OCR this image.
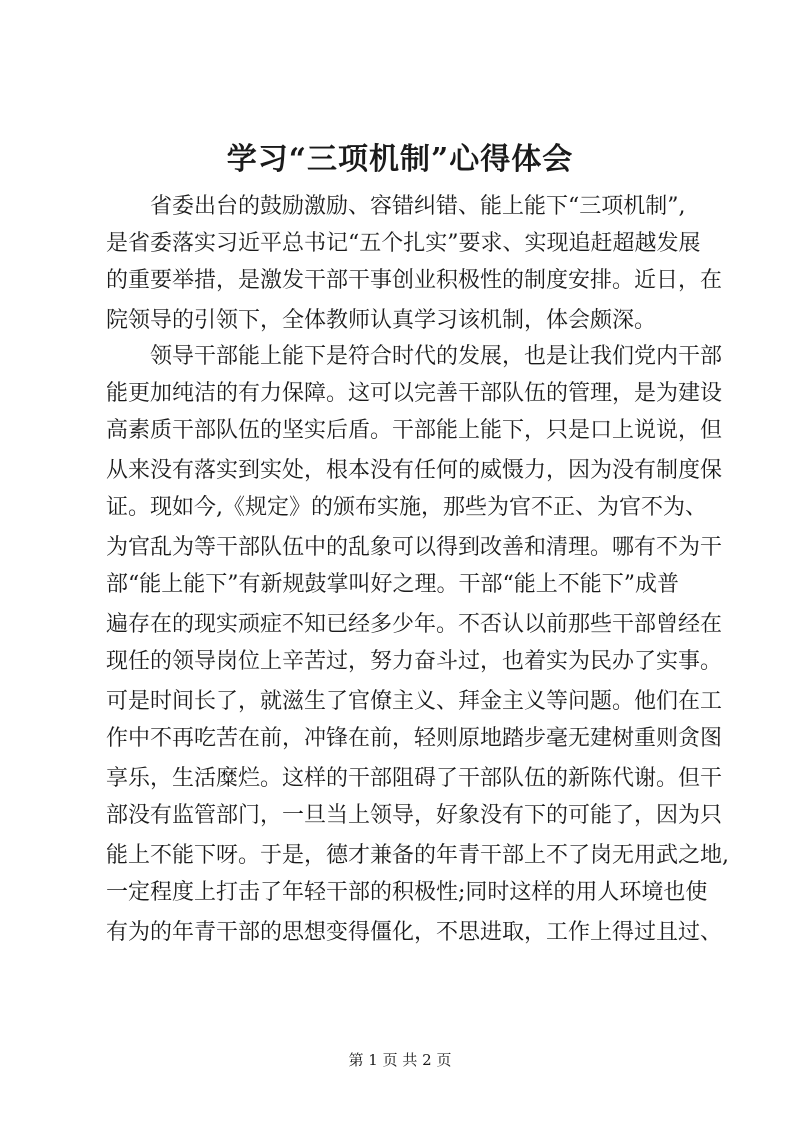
学习“三项机制”心得体会

省委出台的鼓励激励、容错纠错、能上能下“三项机制”,

是省委落实习近平总书记“五个扎实”要求、实现追赶超越发展

的重要举措，是激发干部干事创业积极性的制度安排。近日，在

院领导的引领下，全体教师认真学习该机制，体会颇深。

领导干部能上能下是符合时代的发展，也是让我们党内干部

能更加纯洁的有力保障。这可以完善干部队伍的管理，是为建设

高素质干部队伍的坚实后盾。干部能上能下，只是口上说说，但

从来没有落实到实处，根本没有任何的威慑力，因为没有制度保

证。现如今,《规定》的颁布实施，那些为官不正、为官不为、

为官乱为等干部队伍中的乱象可以得到改善和清理。哪有不为干

部“能上能下”有新规鼓掌叫好之理。干部“能上不能下”成普

遍存在的现实顽症不知已经多少年。不否认以前那些干部曾经在

现任的领导岗位上辛苦过，努力奋斗过，也着实为民办了实事。

可是时间长了，就滋生了官僚主义、拜金主义等问题。他们在工

作中不再吃苦在前，冲锋在前，轻则原地踏步毫无建树重则贪图

享乐，生活糜烂。这样的干部阻碍了干部队伍的新陈代谢。但干

部没有监管部门，一旦当上领导，好象没有下的可能了，因为只

能上不能下呀。于是，德才兼备的年青干部上不了岗无用武之地,

一定程度上打击了年轻干部的积极性;同时这样的用人环境也使

有为的年青干部的思想变得僵化，不思进取，工作上得过且过、

第 1 页 共 2 页
